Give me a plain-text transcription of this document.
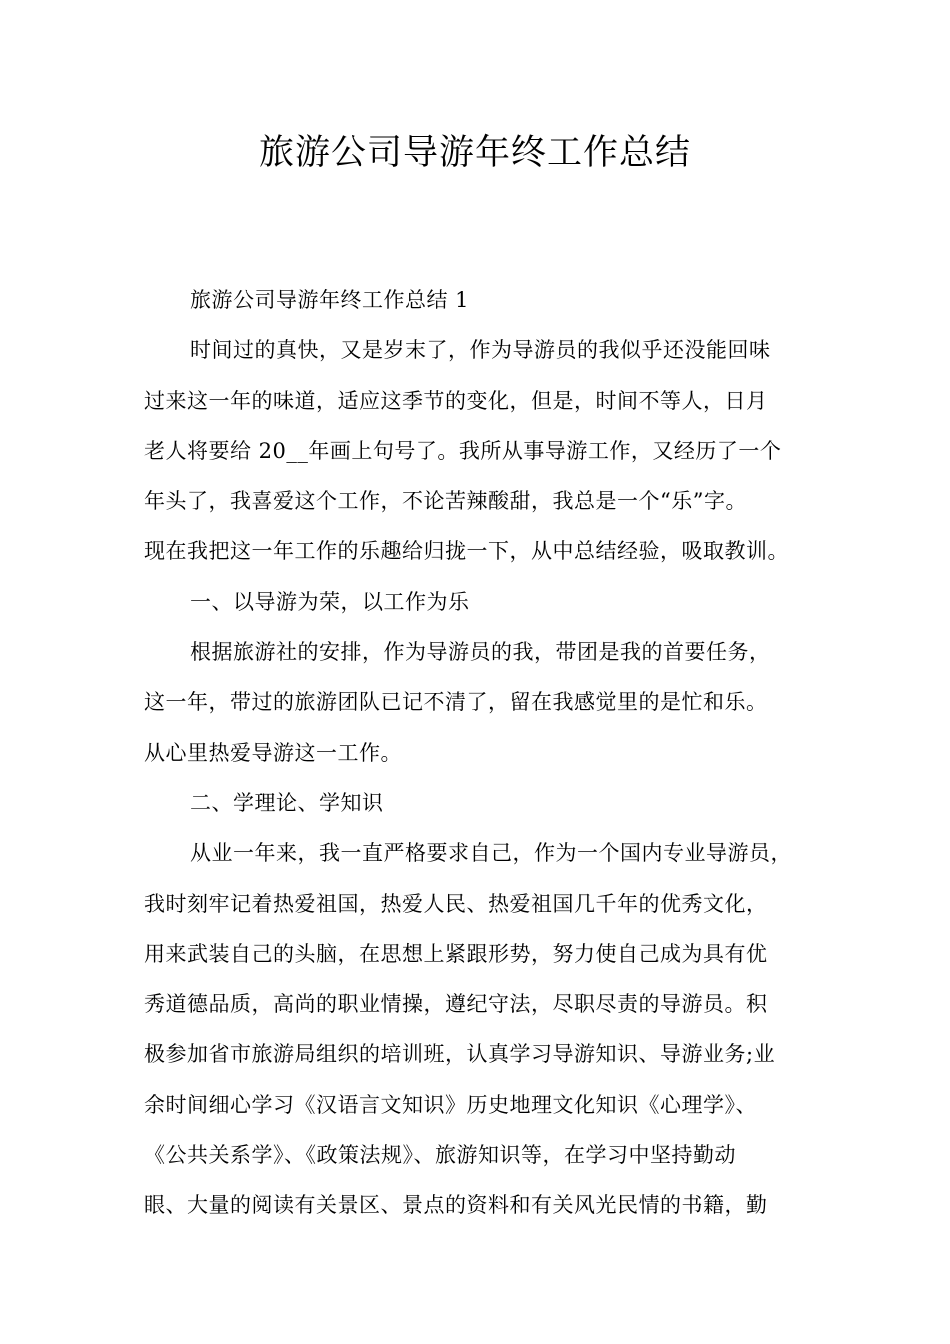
旅游公司导游年终工作总结
旅游公司导游年终工作总结 1
时间过的真快，又是岁末了，作为导游员的我似乎还没能回味
过来这一年的味道，适应这季节的变化，但是，时间不等人，日月
老人将要给 20__年画上句号了。我所从事导游工作，又经历了一个
年头了，我喜爱这个工作，不论苦辣酸甜，我总是一个“乐”字。
现在我把这一年工作的乐趣给归拢一下，从中总结经验，吸取教训。
一、以导游为荣，以工作为乐
根据旅游社的安排，作为导游员的我，带团是我的首要任务，
这一年，带过的旅游团队已记不清了，留在我感觉里的是忙和乐。
从心里热爱导游这一工作。
二、学理论、学知识
从业一年来，我一直严格要求自己，作为一个国内专业导游员，
我时刻牢记着热爱祖国，热爱人民、热爱祖国几千年的优秀文化，
用来武装自己的头脑，在思想上紧跟形势，努力使自己成为具有优
秀道德品质，高尚的职业情操，遵纪守法，尽职尽责的导游员。积
极参加省市旅游局组织的培训班，认真学习导游知识、导游业务;业
余时间细心学习《汉语言文知识》历史地理文化知识《心理学》、
《公共关系学》、《政策法规》、旅游知识等，在学习中坚持勤动
眼、大量的阅读有关景区、景点的资料和有关风光民情的书籍，勤
